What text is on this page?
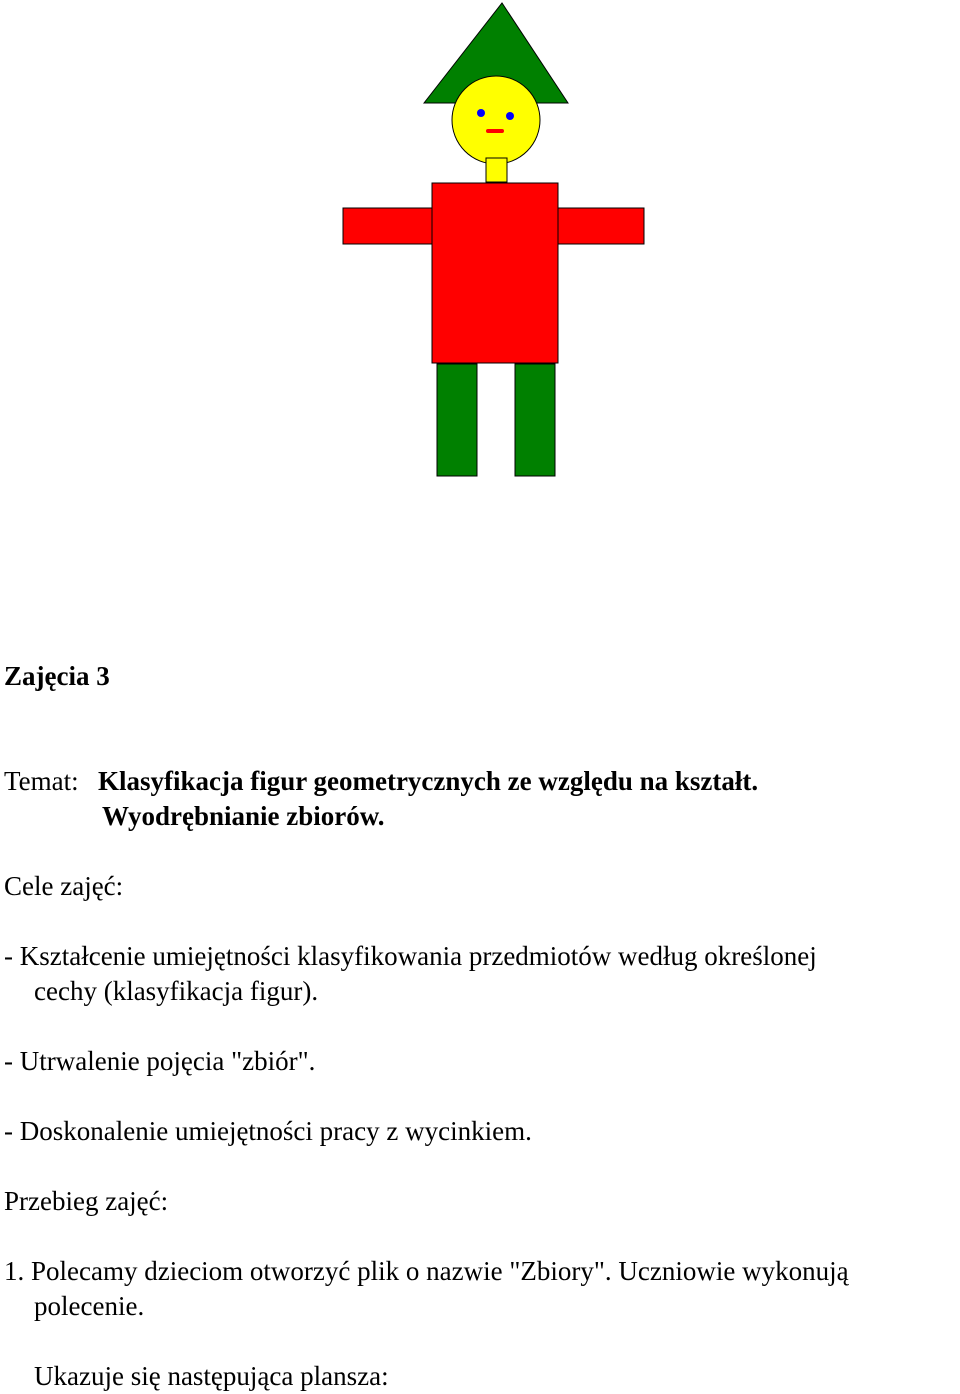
Zajęcia 3

Temat: Klasyfikacja figur geometrycznych ze względu na kształt.

Wyodrębnianie zbiorów.

Cele zajęć:

- Kształcenie umiejętności klasyfikowania przedmiotów według określonej

cechy (klasyfikacja figur).

- Utrwalenie pojęcia "zbiór".

- Doskonalenie umiejętności pracy z wycinkiem.

Przebieg zajęć:

1. Polecamy dzieciom otworzyć plik o nazwie "Zbiory". Uczniowie wykonują

polecenie.

Ukazuje się następująca plansza:
